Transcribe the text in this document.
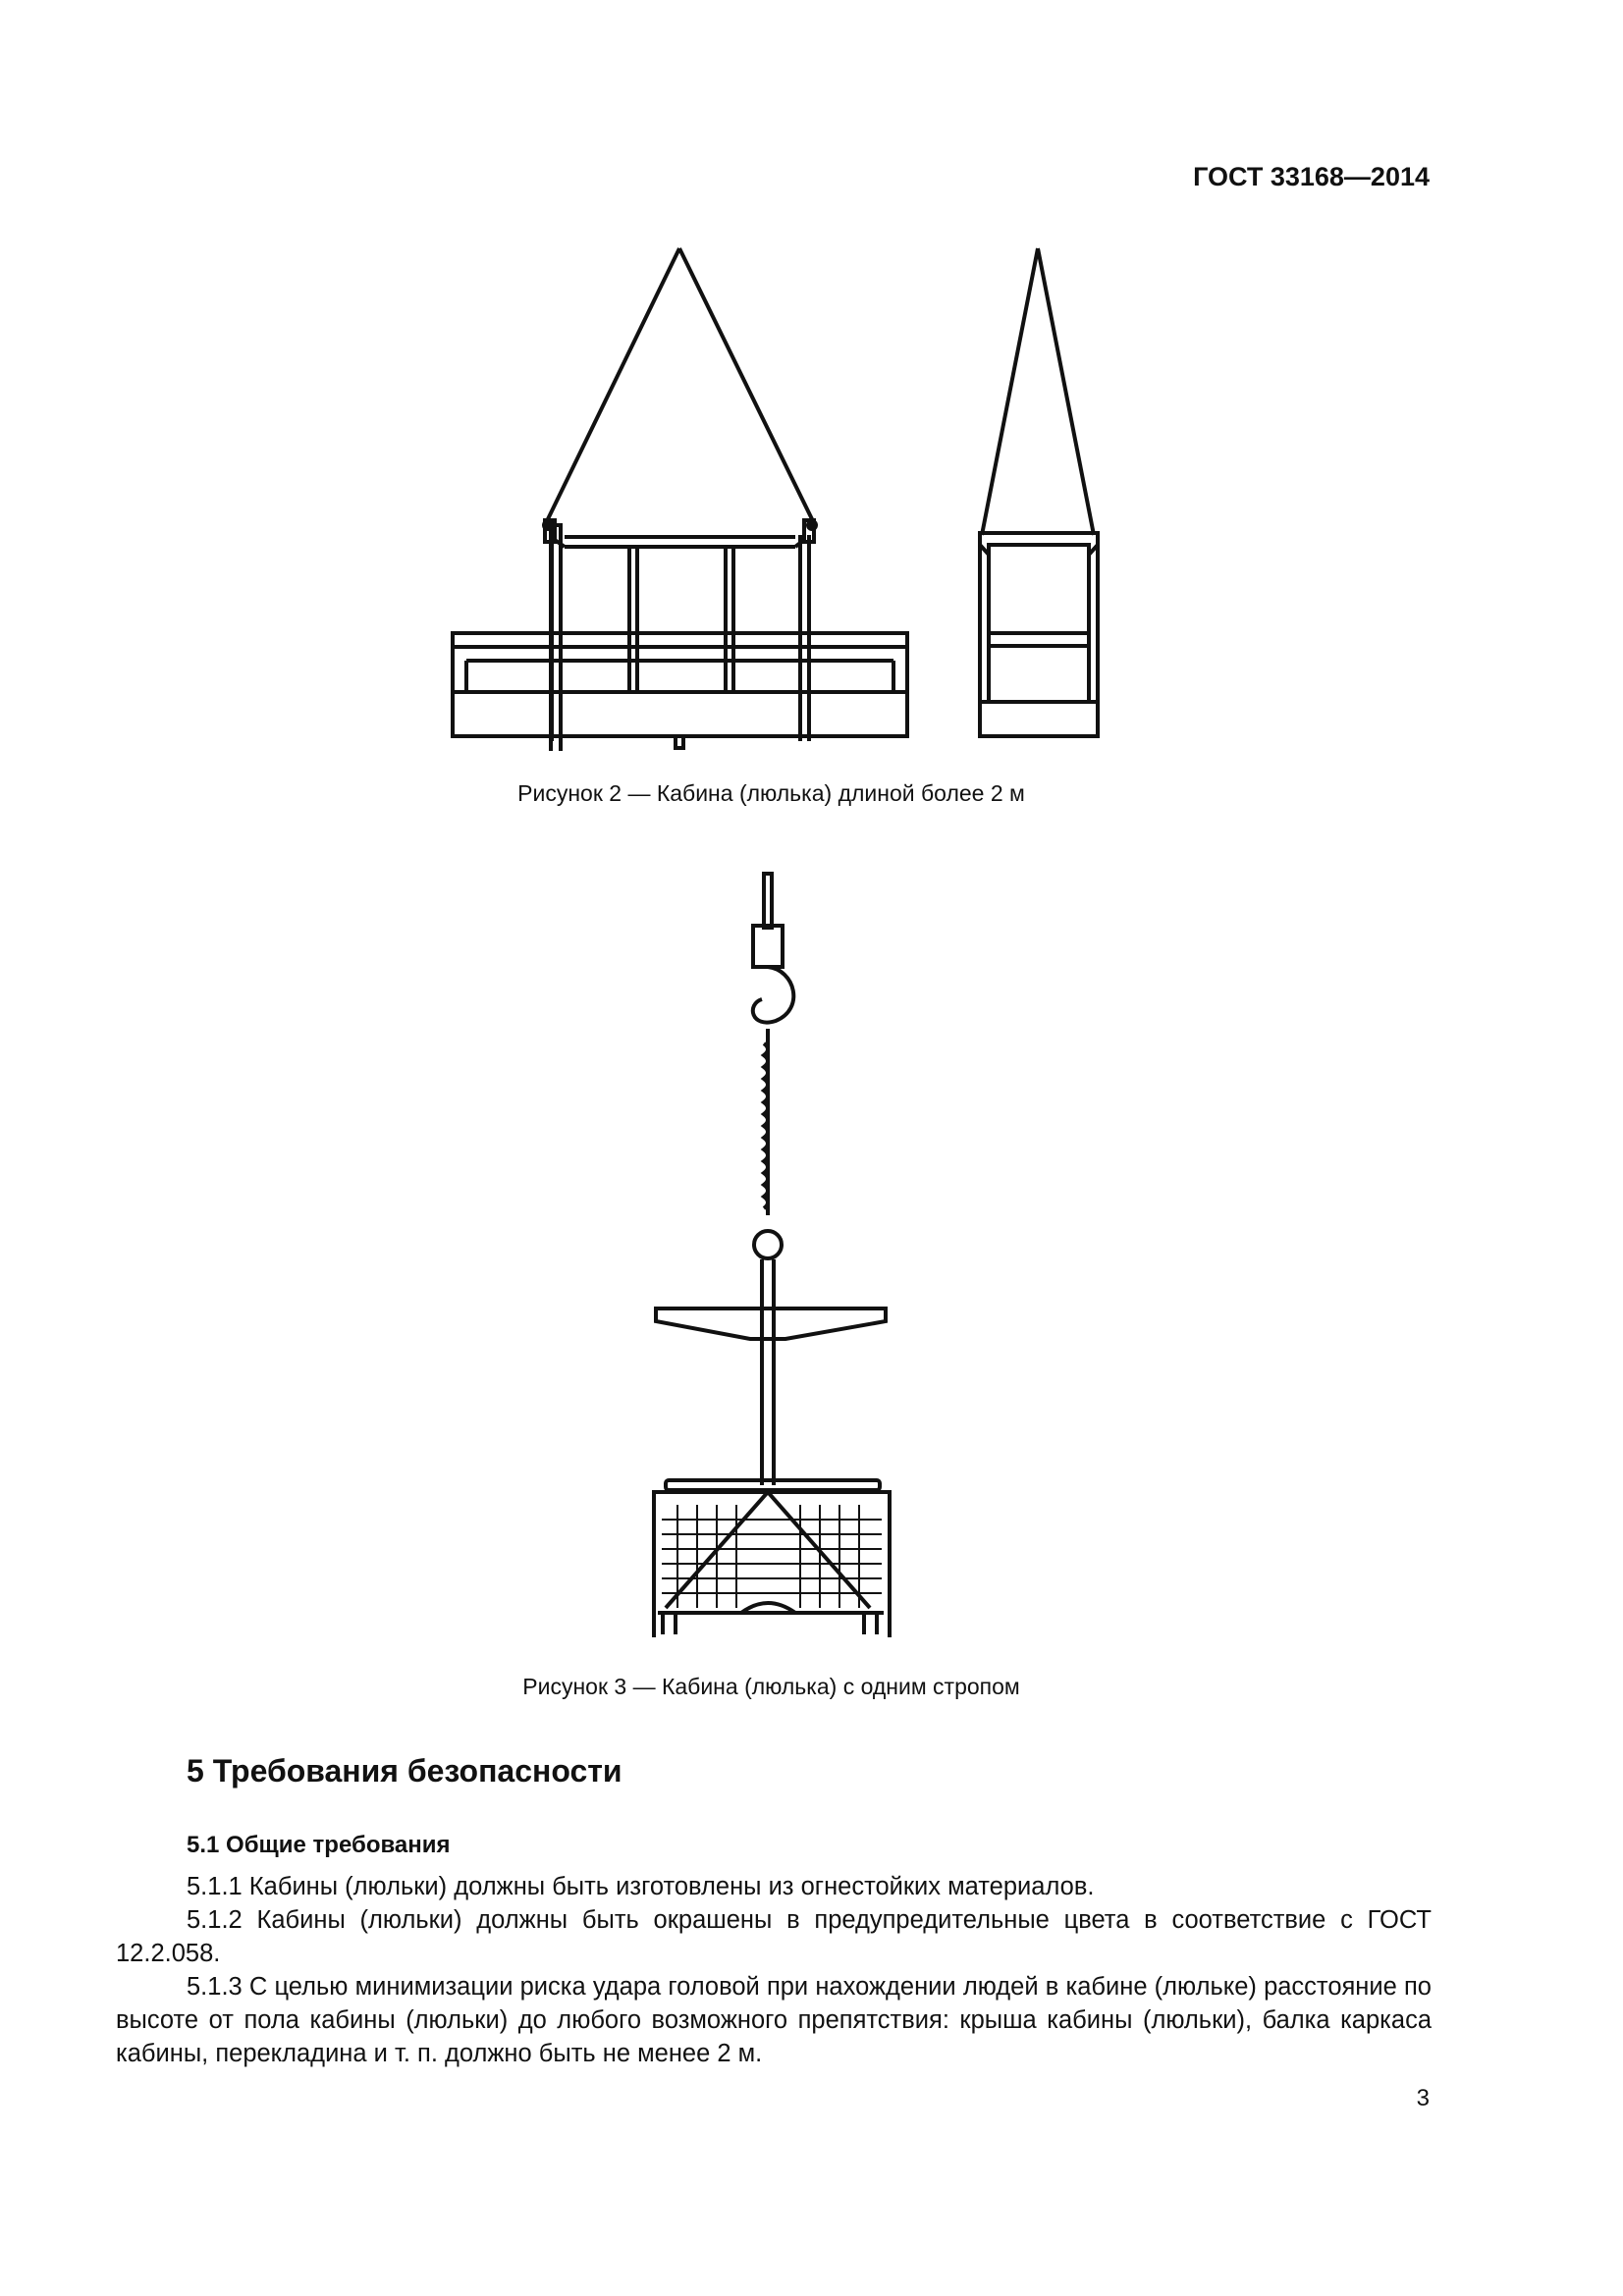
ГОСТ 33168—2014
Рисунок 2 — Кабина (люлька) длиной более 2 м
Рисунок 3 — Кабина (люлька) с одним стропом
5 Требования безопасности
5.1 Общие требования
5.1.1 Кабины (люльки) должны быть изготовлены из огнестойких материалов.
5.1.2 Кабины (люльки) должны быть окрашены в предупредительные цвета в соответствие с ГОСТ 12.2.058.
5.1.3 С целью минимизации риска удара головой при нахождении людей в кабине (люльке) расстояние по высоте от пола кабины (люльки) до любого возможного препятствия: крыша кабины (люльки), балка каркаса кабины, перекладина и т. п. должно быть не менее 2 м.
3
